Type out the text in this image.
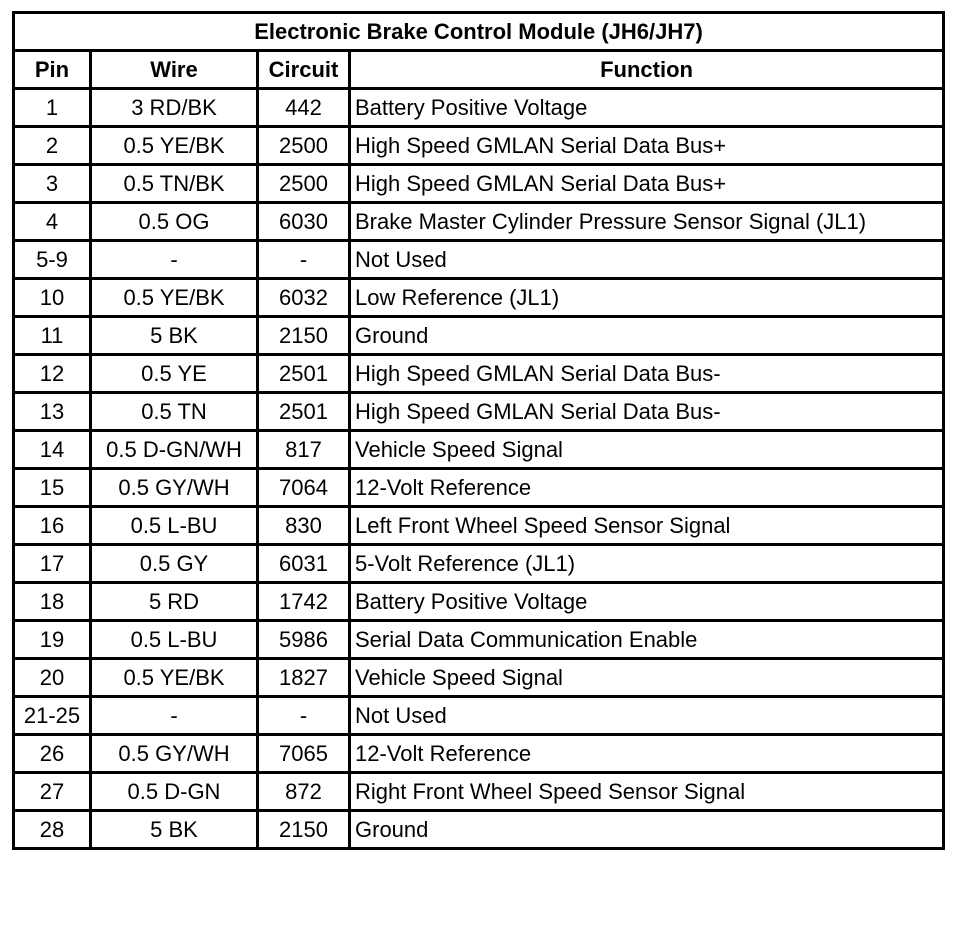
Electronic Brake Control Module (JH6/JH7)			
Pin	Wire	Circuit	Function
1	3 RD/BK	442	Battery Positive Voltage
2	0.5 YE/BK	2500	High Speed GMLAN Serial Data Bus+
3	0.5 TN/BK	2500	High Speed GMLAN Serial Data Bus+
4	0.5 OG	6030	Brake Master Cylinder Pressure Sensor Signal (JL1)
5-9	-	-	Not Used
10	0.5 YE/BK	6032	Low Reference (JL1)
11	5 BK	2150	Ground
12	0.5 YE	2501	High Speed GMLAN Serial Data Bus-
13	0.5 TN	2501	High Speed GMLAN Serial Data Bus-
14	0.5 D-GN/WH	817	Vehicle Speed Signal
15	0.5 GY/WH	7064	12-Volt Reference
16	0.5 L-BU	830	Left Front Wheel Speed Sensor Signal
17	0.5 GY	6031	5-Volt Reference (JL1)
18	5 RD	1742	Battery Positive Voltage
19	0.5 L-BU	5986	Serial Data Communication Enable
20	0.5 YE/BK	1827	Vehicle Speed Signal
21-25	-	-	Not Used
26	0.5 GY/WH	7065	12-Volt Reference
27	0.5 D-GN	872	Right Front Wheel Speed Sensor Signal
28	5 BK	2150	Ground
